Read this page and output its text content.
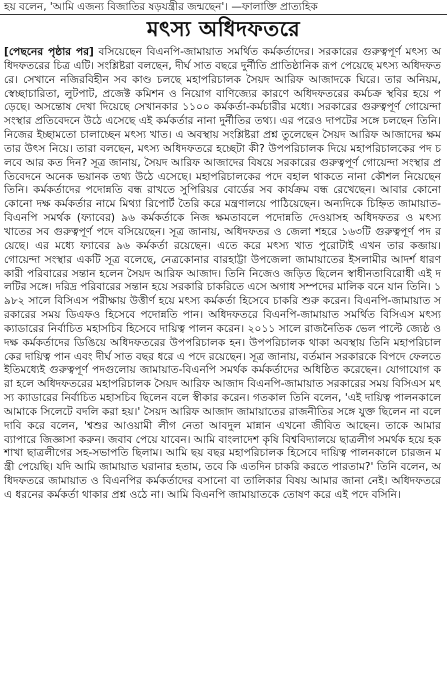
হয় বলেন, 'আমি এজন্য বিজাতির ষড়যন্ত্রীর জন্মছেন'। —ফালাক্তি প্রাত্যহিক
মৎস্য অধিদফতরে
[পেছনের পৃষ্ঠার পর] বসিয়েছেন বিএনপি-জামায়াত সমর্থিত কর্মকর্তাদের। সরকারের গুরুত্বপূর্ণ মৎস্য অধিদফতরের চিত্র এটি। সংশ্লিষ্টরা বলছেন, দীর্ঘ সাত বছরে দুর্নীতি প্রাতিষ্ঠানিক রূপ পেয়েছে মৎস্য অধিদফতরে। সেখানে নজিরবিহীন সব কাণ্ড চলছে মহাপরিচালক সৈয়দ আরিফ আজাদকে ঘিরে। তার অনিয়ম, স্বেচ্ছাচারিতা, লুটপাট, প্রজেক্ট কমিশন ও নিয়োগ বাণিজ্যের কারণে অধিদফতরের কর্মচক্র স্থবির হয়ে পড়েছে। অসন্তোষ দেখা দিয়েছে সেখানকার ১১০০ কর্মকর্তা-কর্মচারীর মধ্যে। সরকারের গুরুত্বপূর্ণ গোয়েন্দা সংস্থার প্রতিবেদনে উঠে এসেছে এই কর্মকর্তার নানা দুর্নীতির তথ্য। এর পরেও দাপটের সঙ্গে চলছেন তিনি। নিজের ইচ্ছামতো চালাচ্ছেন মৎস্য খাত। এ অবস্থায় সংশ্লিষ্টরা প্রশ্ন তুলেছেন সৈয়দ আরিফ আজাদের ক্ষমতার উৎস নিয়ে। তারা বলছেন, মৎস্য অধিদফতরে হচ্ছেটা কী? উপপরিচালক দিয়ে মহাপরিচালকের পদ চলবে আর কত দিন? সূত্র জানায়, সৈয়দ আরিফ আজাদের বিষয়ে সরকারের গুরুত্বপূর্ণ গোয়েন্দা সংস্থার প্রতিবেদনে অনেক ভয়ানক তথ্য উঠে এসেছে। মহাপরিচালকের পদে বহাল থাকতে নানা কৌশল নিয়েছেন তিনি। কর্মকর্তাদের পদোন্নতি বন্ধ রাখতে সুপিরিয়র বোর্ডের সব কার্যক্রম বন্ধ রেখেছেন। আবার কোনো কোনো দক্ষ কর্মকর্তার নামে মিথ্যা রিপোর্ট তৈরি করে মন্ত্রণালয়ে পাঠিয়েছেন। অন্যদিকে চিহ্নিত জামায়াত-বিএনপি সমর্থক (ফ্যাবের) ৯৬ কর্মকর্তাকে নিজ ক্ষমতাবলে পদোন্নতি দেওয়াসহ অধিদফতর ও মৎস্য খাতের সব গুরুত্বপূর্ণ পদে বসিয়েছেন। সূত্র জানায়, অধিদফতর ও জেলা শহরে ১৬৩টি গুরুত্বপূর্ণ পদ রয়েছে। এর মধ্যে ফ্যাবের ৯৬ কর্মকর্তা রয়েছেন। এতে করে মৎস্য খাত পুরোটাই এখন তার কব্জায়। গোয়েন্দা সংস্থার একটি সূত্র বলেছে, নেত্রকোনার বারহাট্টা উপজেলা জামায়াতের ইসলামীর আদর্শ ধারণকারী পরিবারের সন্তান হলেন সৈয়দ আরিফ আজাদ। তিনি নিজেও জড়িত ছিলেন স্বাধীনতাবিরোধী এই দলটির সঙ্গে। দরিদ্র পরিবারের সন্তান হয়ে সরকারি চাকরিতে এসে অগাধ সম্পদের মালিক বনে যান তিনি। ১৯৮২ সালে বিসিএস পরীক্ষায় উত্তীর্ণ হয়ে মৎস্য কর্মকর্তা হিসেবে চাকরি শুরু করেন। বিএনপি-জামায়াত সরকারের সময় ডিএফও হিসেবে পদোন্নতি পান। অধিদফতরে বিএনপি-জামায়াত সমর্থিত বিসিএস মৎস্য ক্যাডারের নির্বাচিত মহাসচিব হিসেবে দায়িত্ব পালন করেন। ২০১১ সালে রাজনৈতিক ভেল পাল্টে জ্যেষ্ঠ ও দক্ষ কর্মকর্তাদের ডিঙিয়ে অধিদফতরের উপপরিচালক হন। উপপরিচালক থাকা অবস্থায় তিনি মহাপরিচালকের দায়িত্ব পান এবং দীর্ঘ সাত বছর ধরে এ পদে রয়েছেন। সূত্র জানায়, বর্তমান সরকারকে বিপদে ফেলতে ইতিমধ্যেই গুরুত্বপূর্ণ পদগুলোয় জামায়াত-বিএনপি সমর্থক কর্মকর্তাদের অধিষ্ঠিত করেছেন। যোগাযোগ করা হলে অধিদফতরের মহাপরিচালক সৈয়দ আরিফ আজাদ বিএনপি-জামায়াত সরকারের সময় বিসিএস মৎস্য ক্যাডারের নির্বাচিত মহাসচিব ছিলেন বলে স্বীকার করেন। গতকাল তিনি বলেন, 'এই দায়িত্ব পালনকালে আমাকে সিলেটে বদলি করা হয়।' সৈয়দ আরিফ আজাদ জামায়াতের রাজনীতির সঙ্গে যুক্ত ছিলেন না বলে দাবি করে বলেন, 'শ্বশুর আওয়ামী লীগ নেতা আবদুল মান্নান এখনো জীবিত আছেন। তাকে আমার ব্যাপারে জিজ্ঞাসা করুন। জবাব পেয়ে যাবেন। আমি বাংলাদেশ কৃষি বিশ্ববিদ্যালয়ে ছাত্রলীগ সমর্থক হয়ে হক শাখা ছাত্রলীগের সহ-সভাপতি ছিলাম। আমি ছয় বছর মহাপরিচালক হিসেবে দায়িত্ব পালনকালে চারজন মন্ত্রী পেয়েছি। যদি আমি জামায়াত ঘরানার হতাম, তবে কি এতদিন চাকরি করতে পারতাম?' তিনি বলেন, অধিদফতরে জামায়াত ও বিএনপির কর্মকর্তাদের বসানো বা তালিকার বিষয় আমার জানা নেই। অধিদফতরে এ ধরনের কর্মকর্তা থাকার প্রশ্ন ওঠে না। আমি বিএনপি জামায়াতকে তোষণ করে এই পদে বসিনি।
